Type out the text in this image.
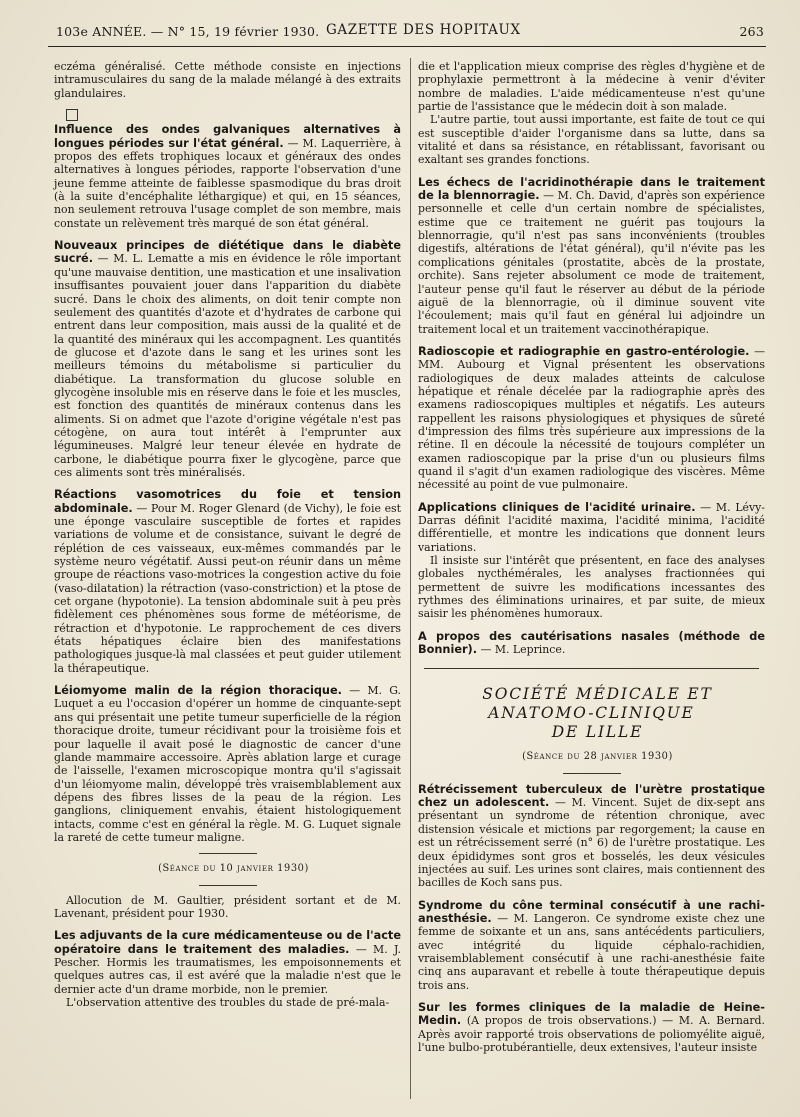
103e ANNÉE. — N° 15, 19 février 1930. GAZETTE DES HOPITAUX	263

eczéma généralisé. Cette méthode consiste en injections intramusculaires du sang de la malade mélangé à des extraits glandulaires.

Influence des ondes galvaniques alternatives à longues périodes sur l'état général. — M. Laquerrière, à propos des effets trophiques locaux et généraux des ondes alternatives à longues périodes, rapporte l'observation d'une jeune femme atteinte de faiblesse spasmodique du bras droit (à la suite d'encéphalite léthargique) et qui, en 15 séances, non seulement retrouva l'usage complet de son membre, mais constate un relèvement très marqué de son état général.

Nouveaux principes de diététique dans le diabète sucré. — M. L. Lematte a mis en évidence le rôle important qu'une mauvaise dentition, une mastication et une insalivation insuffisantes pouvaient jouer dans l'apparition du diabète sucré. Dans le choix des aliments, on doit tenir compte non seulement des quantités d'azote et d'hydrates de carbone qui entrent dans leur composition, mais aussi de la qualité et de la quantité des minéraux qui les accompagnent. Les quantités de glucose et d'azote dans le sang et les urines sont les meilleurs témoins du métabolisme si particulier du diabétique. La transformation du glucose soluble en glycogène insoluble mis en réserve dans le foie et les muscles, est fonction des quantités de minéraux contenus dans les aliments. Si on admet que l'azote d'origine végétale n'est pas cétogène, on aura tout intérêt à l'emprunter aux légumineuses. Malgré leur teneur élevée en hydrate de carbone, le diabétique pourra fixer le glycogène, parce que ces aliments sont très minéralisés.

Réactions vasomotrices du foie et tension abdominale. — Pour M. Roger Glenard (de Vichy), le foie est une éponge vasculaire susceptible de fortes et rapides variations de volume et de consistance, suivant le degré de réplétion de ces vaisseaux, eux-mêmes commandés par le système neuro végétatif. Aussi peut-on réunir dans un même groupe de réactions vaso-motrices la congestion active du foie (vaso-dilatation) la rétraction (vaso-constriction) et la ptose de cet organe (hypotonie). La tension abdominale suit à peu près fidèlement ces phénomènes sous forme de météorisme, de rétraction et d'hypotonie. Le rapprochement de ces divers états hépatiques éclaire bien des manifestations pathologiques jusque-là mal classées et peut guider utilement la thérapeutique.

Léiomyome malin de la région thoracique. — M. G. Luquet a eu l'occasion d'opérer un homme de cinquante-sept ans qui présentait une petite tumeur superficielle de la région thoracique droite, tumeur récidivant pour la troisième fois et pour laquelle il avait posé le diagnostic de cancer d'une glande mammaire accessoire. Après ablation large et curage de l'aisselle, l'examen microscopique montra qu'il s'agissait d'un léiomyome malin, développé très vraisemblablement aux dépens des fibres lisses de la peau de la région. Les ganglions, cliniquement envahis, étaient histologiquement intacts, comme c'est en général la règle. M. G. Luquet signale la rareté de cette tumeur maligne.

(Séance du 10 janvier 1930)

Allocution de M. Gaultier, président sortant et de M. Lavenant, président pour 1930.

Les adjuvants de la cure médicamenteuse ou de l'acte opératoire dans le traitement des maladies. — M. J. Pescher. Hormis les traumatismes, les empoisonnements et quelques autres cas, il est avéré que la maladie n'est que le dernier acte d'un drame morbide, non le premier.

L'observation attentive des troubles du stade de pré-mala-

die et l'application mieux comprise des règles d'hygiène et de prophylaxie permettront à la médecine à venir d'éviter nombre de maladies. L'aide médicamenteuse n'est qu'une partie de l'assistance que le médecin doit à son malade.

L'autre partie, tout aussi importante, est faite de tout ce qui est susceptible d'aider l'organisme dans sa lutte, dans sa vitalité et dans sa résistance, en rétablissant, favorisant ou exaltant ses grandes fonctions.

Les échecs de l'acridinothérapie dans le traitement de la blennorragie. — M. Ch. David, d'après son expérience personnelle et celle d'un certain nombre de spécialistes, estime que ce traitement ne guérit pas toujours la blennorragie, qu'il n'est pas sans inconvénients (troubles digestifs, altérations de l'état général), qu'il n'évite pas les complications génitales (prostatite, abcès de la prostate, orchite). Sans rejeter absolument ce mode de traitement, l'auteur pense qu'il faut le réserver au début de la période aiguë de la blennorragie, où il diminue souvent vite l'écoulement; mais qu'il faut en général lui adjoindre un traitement local et un traitement vaccinothérapique.

Radioscopie et radiographie en gastro-entérologie. — MM. Aubourg et Vignal présentent les observations radiologiques de deux malades atteints de calculose hépatique et rénale décelée par la radiographie après des examens radioscopiques multiples et négatifs. Les auteurs rappellent les raisons physiologiques et physiques de sûreté d'impression des films très supérieure aux impressions de la rétine. Il en découle la nécessité de toujours compléter un examen radioscopique par la prise d'un ou plusieurs films quand il s'agit d'un examen radiologique des viscères. Même nécessité au point de vue pulmonaire.

Applications cliniques de l'acidité urinaire. — M. Lévy-Darras définit l'acidité maxima, l'acidité minima, l'acidité différentielle, et montre les indications que donnent leurs variations.

Il insiste sur l'intérêt que présentent, en face des analyses globales nycthémérales, les analyses fractionnées qui permettent de suivre les modifications incessantes des rythmes des éliminations urinaires, et par suite, de mieux saisir les phénomènes humoraux.

A propos des cautérisations nasales (méthode de Bonnier). — M. Leprince.

SOCIÉTÉ MÉDICALE ET ANATOMO-CLINIQUE

DE LILLE

(Séance du 28 janvier 1930)

Rétrécissement tuberculeux de l'urètre prostatique chez un adolescent. — M. Vincent. Sujet de dix-sept ans présentant un syndrome de rétention chronique, avec distension vésicale et mictions par regorgement; la cause en est un rétrécissement serré (n° 6) de l'urètre prostatique. Les deux épididymes sont gros et bosselés, les deux vésicules injectées au suif. Les urines sont claires, mais contiennent des bacilles de Koch sans pus.

Syndrome du cône terminal consécutif à une rachi-anesthésie. — M. Langeron. Ce syndrome existe chez une femme de soixante et un ans, sans antécédents particuliers, avec intégrité du liquide céphalo-rachidien, vraisemblablement consécutif à une rachi-anesthésie faite cinq ans auparavant et rebelle à toute thérapeutique depuis trois ans.

Sur les formes cliniques de la maladie de Heine-Medin. (A propos de trois observations.) — M. A. Bernard. Après avoir rapporté trois observations de poliomyélite aiguë, l'une bulbo-protubérantielle, deux extensives, l'auteur insiste
